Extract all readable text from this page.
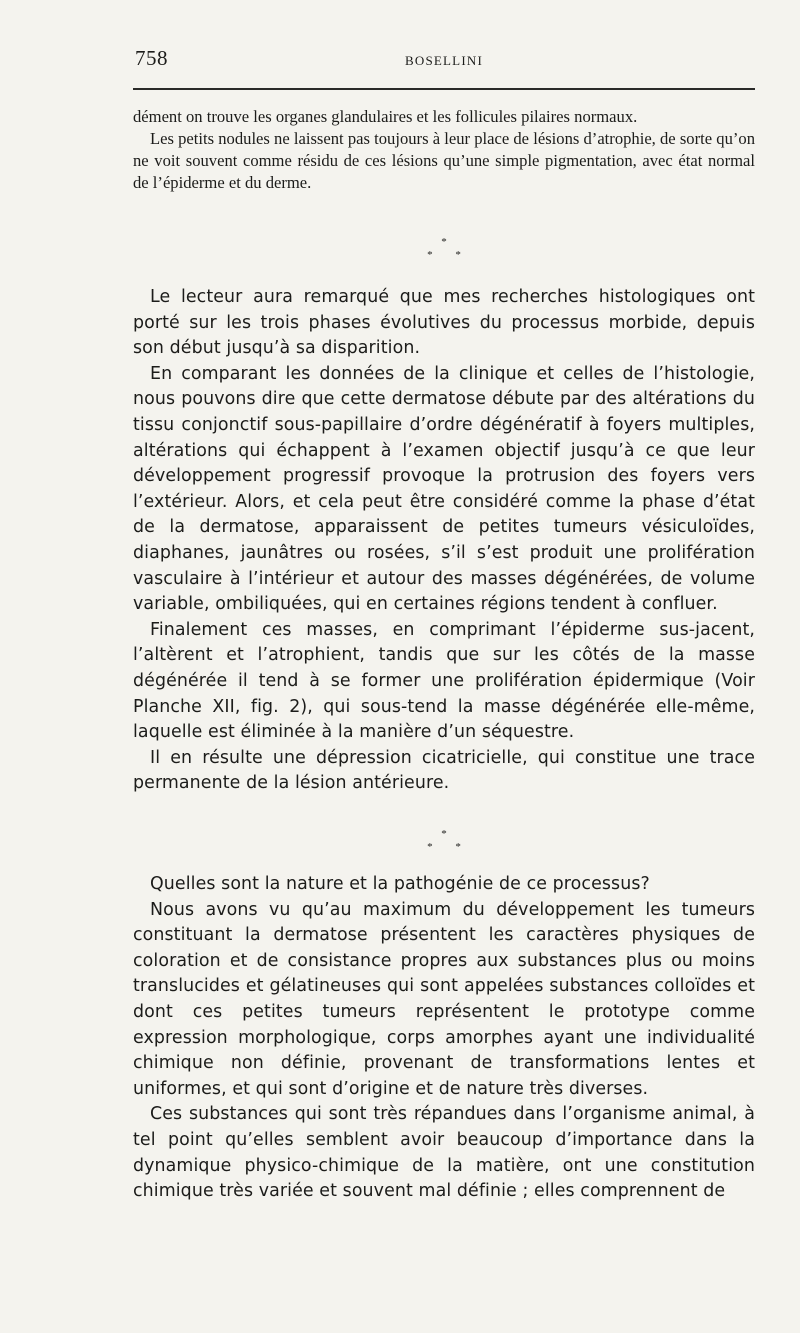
758	BOSELLINI

dément on trouve les organes glandulaires et les follicules pilaires normaux.

Les petits nodules ne laissent pas toujours à leur place de lésions d’atrophie, de sorte qu’on ne voit souvent comme résidu de ces lésions qu’une simple pigmentation, avec état normal de l’épiderme et du derme.

*
* *

Le lecteur aura remarqué que mes recherches histologiques ont porté sur les trois phases évolutives du processus morbide, depuis son début jusqu’à sa disparition.

En comparant les données de la clinique et celles de l’histologie, nous pouvons dire que cette dermatose débute par des altérations du tissu conjonctif sous-papillaire d’ordre dégénératif à foyers multiples, altérations qui échappent à l’examen objectif jusqu’à ce que leur développement progressif provoque la protrusion des foyers vers l’extérieur. Alors, et cela peut être considéré comme la phase d’état de la dermatose, apparaissent de petites tumeurs vésiculoïdes, diaphanes, jaunâtres ou rosées, s’il s’est produit une prolifération vasculaire à l’intérieur et autour des masses dégénérées, de volume variable, ombiliquées, qui en certaines régions tendent à confluer.

Finalement ces masses, en comprimant l’épiderme sus-jacent, l’altèrent et l’atrophient, tandis que sur les côtés de la masse dégénérée il tend à se former une prolifération épidermique (Voir Planche XII, fig. 2), qui sous-tend la masse dégénérée elle-même, laquelle est éliminée à la manière d’un séquestre.

Il en résulte une dépression cicatricielle, qui constitue une trace permanente de la lésion antérieure.

*
* *

Quelles sont la nature et la pathogénie de ce processus?

Nous avons vu qu’au maximum du développement les tumeurs constituant la dermatose présentent les caractères physiques de coloration et de consistance propres aux substances plus ou moins translucides et gélatineuses qui sont appelées substances colloïdes et dont ces petites tumeurs représentent le prototype comme expression morphologique, corps amorphes ayant une individualité chimique non définie, provenant de transformations lentes et uniformes, et qui sont d’origine et de nature très diverses.

Ces substances qui sont très répandues dans l’organisme animal, à tel point qu’elles semblent avoir beaucoup d’importance dans la dynamique physico-chimique de la matière, ont une constitution chimique très variée et souvent mal définie ; elles comprennent de
